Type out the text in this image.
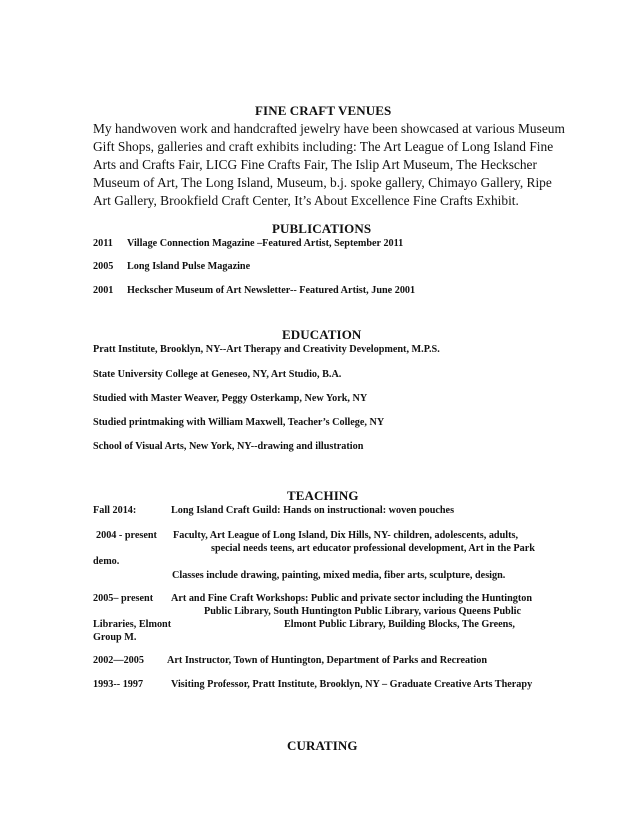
FINE CRAFT VENUES
My handwoven work and handcrafted jewelry have been showcased at various Museum
Gift Shops, galleries and craft exhibits including: The Art League of Long Island Fine
Arts and Crafts Fair, LICG Fine Crafts Fair, The Islip Art Museum, The Heckscher
Museum of Art, The Long Island, Museum, b.j. spoke gallery, Chimayo Gallery, Ripe
Art Gallery, Brookfield Craft Center, It’s About Excellence Fine Crafts Exhibit.
PUBLICATIONS
2011 Village Connection Magazine –Featured Artist, September 2011
2005 Long Island Pulse Magazine
2001 Heckscher Museum of Art Newsletter-- Featured Artist, June 2001
EDUCATION
Pratt Institute, Brooklyn, NY--Art Therapy and Creativity Development, M.P.S.
State University College at Geneseo, NY, Art Studio, B.A.
Studied with Master Weaver, Peggy Osterkamp, New York, NY
Studied printmaking with William Maxwell, Teacher’s College, NY
School of Visual Arts, New York, NY--drawing and illustration
TEACHING
Fall 2014:	Long Island Craft Guild: Hands on instructional: woven pouches
2004 - present Faculty, Art League of Long Island, Dix Hills, NY- children, adolescents, adults,
special needs teens, art educator professional development, Art in the Park
demo.
Classes include drawing, painting, mixed media, fiber arts, sculpture, design.
2005– present Art and Fine Craft Workshops: Public and private sector including the Huntington
Public Library, South Huntington Public Library, various Queens Public
Libraries, Elmont	Elmont Public Library, Building Blocks, The Greens,
Group M.
2002—2005 Art Instructor, Town of Huntington, Department of Parks and Recreation
1993-- 1997	Visiting Professor, Pratt Institute, Brooklyn, NY – Graduate Creative Arts Therapy
CURATING
